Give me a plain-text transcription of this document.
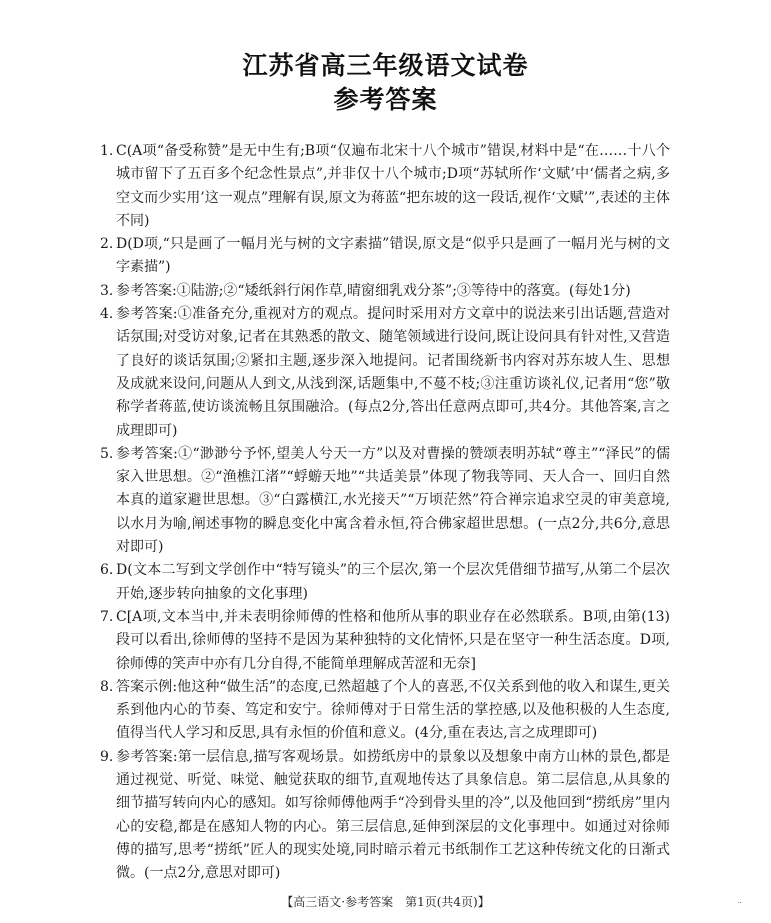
江苏省高三年级语文试卷
参考答案
1. C(A项“备受称赞”是无中生有;B项“仅遍布北宋十八个城市”错误,材料中是“在……十八个城市留下了五百多个纪念性景点”,并非仅十八个城市;D项“苏轼所作‘文赋’中‘儒者之病,多空文而少实用’这一观点”理解有误,原文为蒋蓝“把东坡的这一段话,视作‘文赋’”,表述的主体不同)
2. D(D项,“只是画了一幅月光与树的文字素描”错误,原文是“似乎只是画了一幅月光与树的文字素描”)
3. 参考答案:①陆游;②“矮纸斜行闲作草,晴窗细乳戏分茶”;③等待中的落寞。(每处1分)
4. 参考答案:①准备充分,重视对方的观点。提问时采用对方文章中的说法来引出话题,营造对话氛围;对受访对象,记者在其熟悉的散文、随笔领域进行设问,既让设问具有针对性,又营造了良好的谈话氛围;②紧扣主题,逐步深入地提问。记者围绕新书内容对苏东坡人生、思想及成就来设问,问题从人到文,从浅到深,话题集中,不蔓不枝;③注重访谈礼仪,记者用“您”敬称学者蒋蓝,使访谈流畅且氛围融洽。(每点2分,答出任意两点即可,共4分。其他答案,言之成理即可)
5. 参考答案:①“渺渺兮予怀,望美人兮天一方”以及对曹操的赞颂表明苏轼“尊主”“泽民”的儒家入世思想。②“渔樵江渚”“蜉蝣天地”“共适美景”体现了物我等同、天人合一、回归自然本真的道家避世思想。③“白露横江,水光接天”“万顷茫然”符合禅宗追求空灵的审美意境,以水月为喻,阐述事物的瞬息变化中寓含着永恒,符合佛家超世思想。(一点2分,共6分,意思对即可)
6. D(文本二写到文学创作中“特写镜头”的三个层次,第一个层次凭借细节描写,从第二个层次开始,逐步转向抽象的文化事理)
7. C[A项,文本当中,并未表明徐师傅的性格和他所从事的职业存在必然联系。B项,由第(13)段可以看出,徐师傅的坚持不是因为某种独特的文化情怀,只是在坚守一种生活态度。D项,徐师傅的笑声中亦有几分自得,不能简单理解成苦涩和无奈]
8. 答案示例:他这种“做生活”的态度,已然超越了个人的喜恶,不仅关系到他的收入和谋生,更关系到他内心的节奏、笃定和安宁。徐师傅对于日常生活的掌控感,以及他积极的人生态度,值得当代人学习和反思,具有永恒的价值和意义。(4分,重在表达,言之成理即可)
9. 参考答案:第一层信息,描写客观场景。如捞纸房中的景象以及想象中南方山林的景色,都是通过视觉、听觉、味觉、触觉获取的细节,直观地传达了具象信息。第二层信息,从具象的细节描写转向内心的感知。如写徐师傅他两手“冷到骨头里的冷”,以及他回到“捞纸房”里内心的安稳,都是在感知人物的内心。第三层信息,延伸到深层的文化事理中。如通过对徐师傅的描写,思考“捞纸”匠人的现实处境,同时暗示着元书纸制作工艺这种传统文化的日渐式微。(一点2分,意思对即可)
【高三语文·参考答案　第1页(共4页)】	..
